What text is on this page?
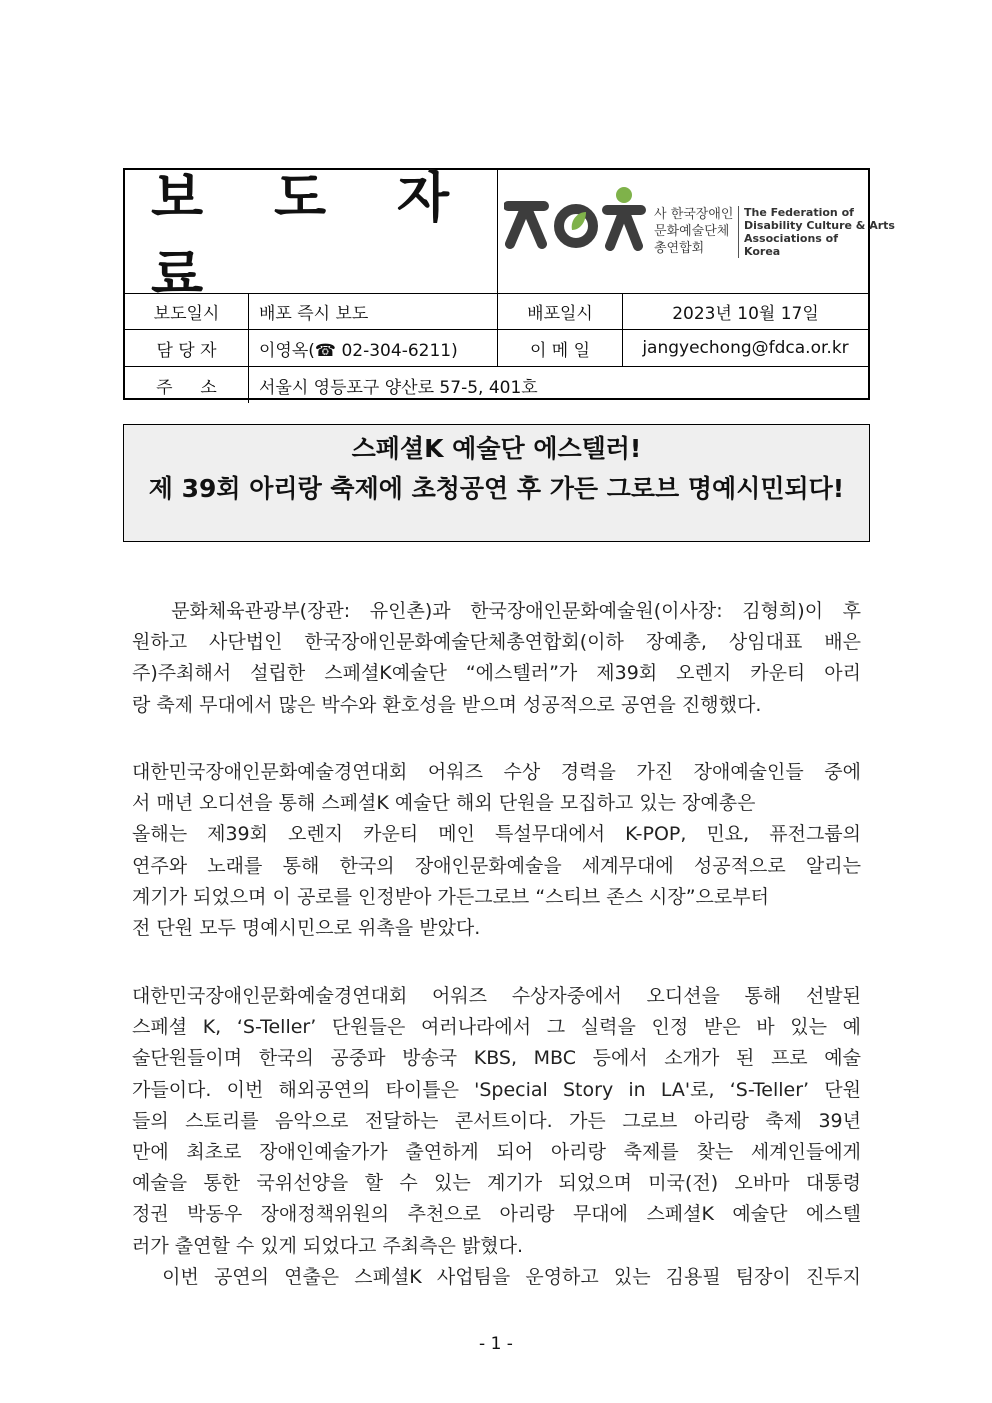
보 도 자 료
사 한국장애인
문화예술단체
총연합회
The Federation of
Disability Culture & Arts
Associations of
Korea
보도일시	배포 즉시 보도	배포일시	2023년 10월 17일
담 당 자	이영옥(☎ 02-304-6211)	이 메 일	jangyechong@fdca.or.kr
주 　 소	서울시 영등포구 양산로 57-5, 401호
스페셜K 예술단 에스텔러!
제 39회 아리랑 축제에 초청공연 후 가든 그로브 명예시민되다!
문화체육관광부(장관: 유인촌)과 한국장애인문화예술원(이사장: 김형희)이 후
원하고 사단법인 한국장애인문화예술단체총연합회(이하 장예총, 상임대표 배은
주)주최해서 설립한 스페셜K예술단 “에스텔러”가 제39회 오렌지 카운티 아리
랑 축제 무대에서 많은 박수와 환호성을 받으며 성공적으로 공연을 진행했다.
대한민국장애인문화예술경연대회 어워즈 수상 경력을 가진 장애예술인들 중에
서 매년 오디션을 통해 스페셜K 예술단 해외 단원을 모집하고 있는 장예총은
올해는 제39회 오렌지 카운티 메인 특설무대에서 K-POP, 민요, 퓨전그룹의
연주와 노래를 통해 한국의 장애인문화예술을 세계무대에 성공적으로 알리는
계기가 되었으며 이 공로를 인정받아 가든그로브 “스티브 존스 시장”으로부터
전 단원 모두 명예시민으로 위촉을 받았다.
대한민국장애인문화예술경연대회 어워즈 수상자중에서 오디션을 통해 선발된
스페셜 K, ‘S-Teller’ 단원들은 여러나라에서 그 실력을 인정 받은 바 있는 예
술단원들이며 한국의 공중파 방송국 KBS, MBC 등에서 소개가 된 프로 예술
가들이다. 이번 해외공연의 타이틀은 'Special Story in LA'로, ‘S-Teller’ 단원
들의 스토리를 음악으로 전달하는 콘서트이다. 가든 그로브 아리랑 축제 39년
만에 최초로 장애인예술가가 출연하게 되어 아리랑 축제를 찾는 세계인들에게
예술을 통한 국위선양을 할 수 있는 계기가 되었으며 미국(전) 오바마 대통령
정권 박동우 장애정책위원의 추천으로 아리랑 무대에 스페셜K 예술단 에스텔
러가 출연할 수 있게 되었다고 주최측은 밝혔다.
이번 공연의 연출은 스페셜K 사업팀을 운영하고 있는 김용필 팀장이 진두지
- 1 -
